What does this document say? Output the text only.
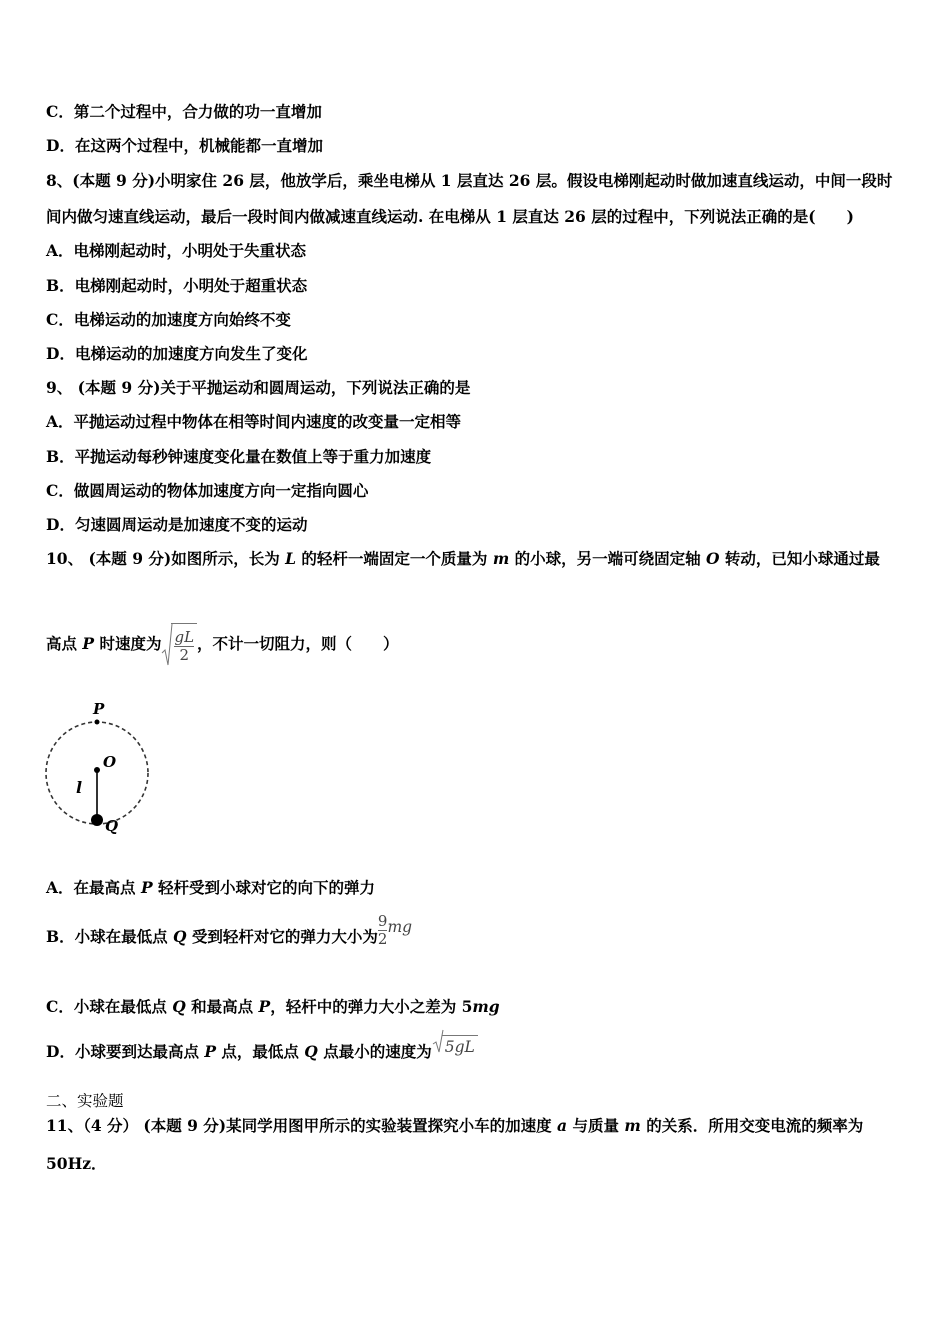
C．第二个过程中，合力做的功一直增加
D．在这两个过程中，机械能都一直增加
8、(本题 9 分)小明家住 26 层，他放学后，乘坐电梯从 1 层直达 26 层。假设电梯刚起动时做加速直线运动，中间一段时
间内做匀速直线运动，最后一段时间内做减速直线运动. 在电梯从 1 层直达 26 层的过程中，下列说法正确的是(　　)
A．电梯刚起动时，小明处于失重状态
B．电梯刚起动时，小明处于超重状态
C．电梯运动的加速度方向始终不变
D．电梯运动的加速度方向发生了变化
9、 (本题 9 分)关于平抛运动和圆周运动，下列说法正确的是
A．平抛运动过程中物体在相等时间内速度的改变量一定相等
B．平抛运动每秒钟速度变化量在数值上等于重力加速度
C．做圆周运动的物体加速度方向一定指向圆心
D．匀速圆周运动是加速度不变的运动
10、 (本题 9 分)如图所示，长为 L 的轻杆一端固定一个质量为 m 的小球，另一端可绕固定轴 O 转动，已知小球通过最
高点 P 时速度为 $\frac{gL}{2}$ ，不计一切阻力，则（　　）
P
O
l
Q
A．在最高点 P 轻杆受到小球对它的向下的弹力
B．小球在最低点 Q 受到轻杆对它的弹力大小为 $\frac{9}{2}$ mg
C．小球在最低点 Q 和最高点 P，轻杆中的弹力大小之差为 5mg
D．小球要到达最高点 P 点，最低点 Q 点最小的速度为 5gL
二、实验题
11、（4 分） (本题 9 分)某同学用图甲所示的实验装置探究小车的加速度 a 与质量 m 的关系．所用交变电流的频率为
50Hz．
